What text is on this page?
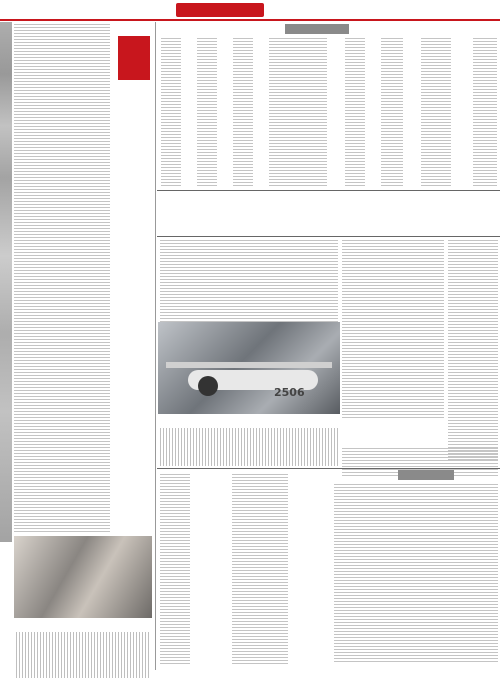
2506
